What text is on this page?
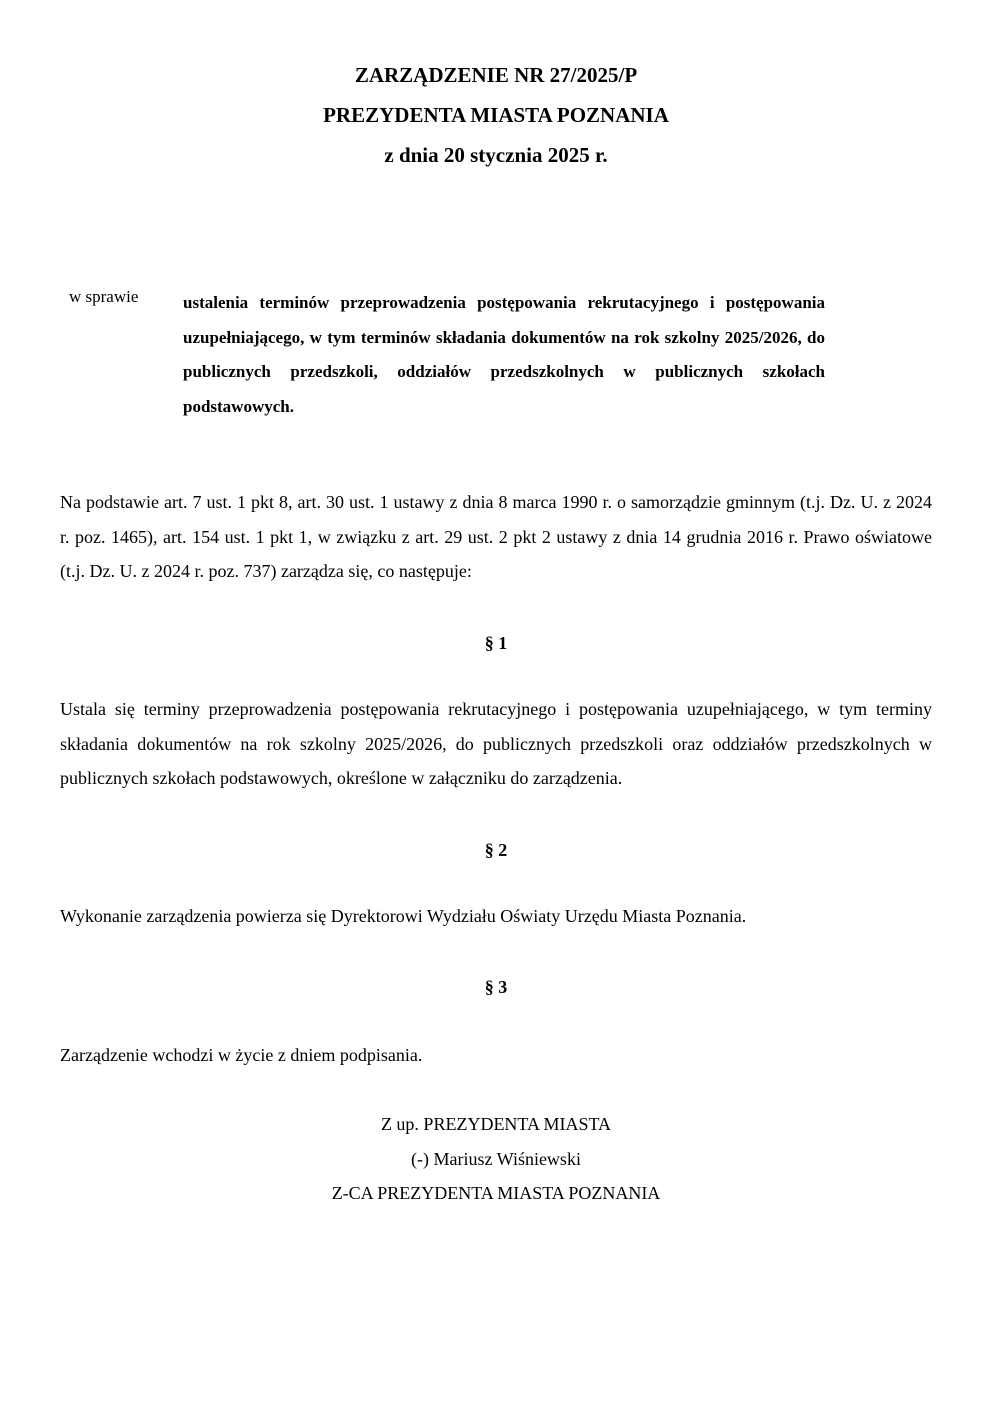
ZARZĄDZENIE NR 27/2025/P
PREZYDENTA MIASTA POZNANIA
z dnia 20 stycznia 2025 r.
w sprawie	ustalenia terminów przeprowadzenia postępowania rekrutacyjnego i postępowania uzupełniającego, w tym terminów składania dokumentów na rok szkolny 2025/2026, do publicznych przedszkoli, oddziałów przedszkolnych w publicznych szkołach podstawowych.
Na podstawie art. 7 ust. 1 pkt 8, art. 30 ust. 1 ustawy z dnia 8 marca 1990 r. o samorządzie gminnym (t.j. Dz. U. z 2024 r. poz. 1465), art. 154 ust. 1 pkt 1, w związku z art. 29 ust. 2 pkt 2 ustawy z dnia 14 grudnia 2016 r. Prawo oświatowe (t.j. Dz. U. z 2024 r. poz. 737) zarządza się, co następuje:
§ 1
Ustala się terminy przeprowadzenia postępowania rekrutacyjnego i postępowania uzupełniającego, w tym terminy składania dokumentów na rok szkolny 2025/2026, do publicznych przedszkoli oraz oddziałów przedszkolnych w publicznych szkołach podstawowych, określone w załączniku do zarządzenia.
§ 2
Wykonanie zarządzenia powierza się Dyrektorowi Wydziału Oświaty Urzędu Miasta Poznania.
§ 3
Zarządzenie wchodzi w życie z dniem podpisania.
Z up. PREZYDENTA MIASTA
(-) Mariusz Wiśniewski
Z-CA PREZYDENTA MIASTA POZNANIA
